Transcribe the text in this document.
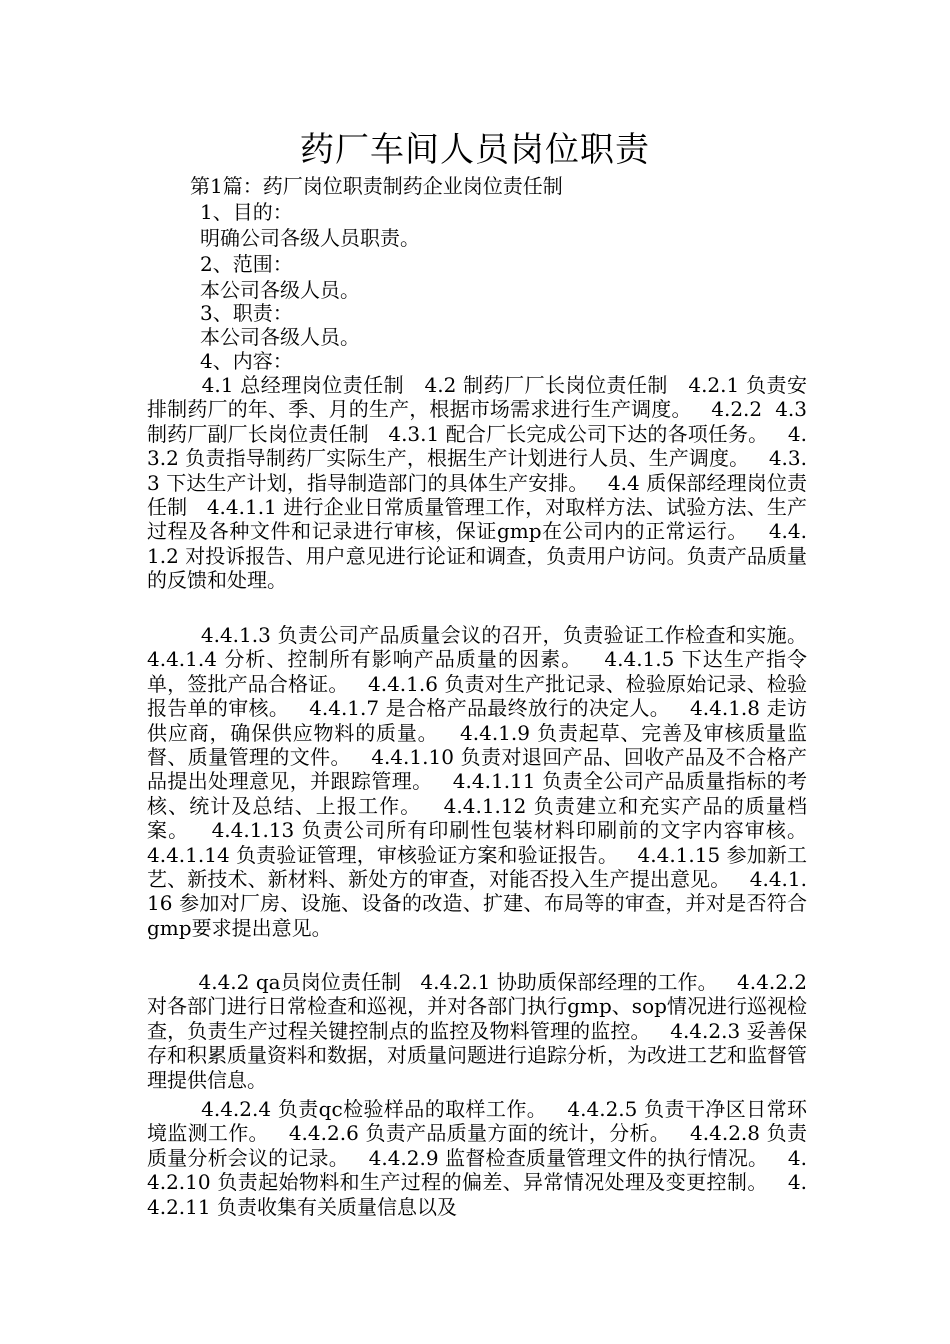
药厂车间人员岗位职责
第1篇：药厂岗位职责制药企业岗位责任制
1、目的：
明确公司各级人员职责。
2、范围：
本公司各级人员。
3、职责：
本公司各级人员。
4、内容：

4.1 总经理岗位责任制   4.2 制药厂厂长岗位责任制   4.2.1 负责安排制药厂的年、季、月的生产，根据市场需求进行生产调度。   4.2.2  4.3 制药厂副厂长岗位责任制   4.3.1 配合厂长完成公司下达的各项任务。   4.3.2 负责指导制药厂实际生产，根据生产计划进行人员、生产调度。   4.3.3 下达生产计划，指导制造部门的具体生产安排。   4.4 质保部经理岗位责任制   4.4.1.1 进行企业日常质量管理工作，对取样方法、试验方法、生产过程及各种文件和记录进行审核，保证gmp在公司内的正常运行。   4.4.1.2 对投诉报告、用户意见进行论证和调查，负责用户访问。负责产品质量的反馈和处理。

4.4.1.3 负责公司产品质量会议的召开，负责验证工作检查和实施。   4.4.1.4 分析、控制所有影响产品质量的因素。   4.4.1.5 下达生产指令单，签批产品合格证。   4.4.1.6 负责对生产批记录、检验原始记录、检验报告单的审核。   4.4.1.7 是合格产品最终放行的决定人。   4.4.1.8 走访供应商，确保供应物料的质量。   4.4.1.9 负责起草、完善及审核质量监督、质量管理的文件。   4.4.1.10 负责对退回产品、回收产品及不合格产品提出处理意见，并跟踪管理。   4.4.1.11 负责全公司产品质量指标的考核、统计及总结、上报工作。   4.4.1.12 负责建立和充实产品的质量档案。   4.4.1.13 负责公司所有印刷性包装材料印刷前的文字内容审核。   4.4.1.14 负责验证管理，审核验证方案和验证报告。   4.4.1.15 参加新工艺、新技术、新材料、新处方的审查，对能否投入生产提出意见。   4.4.1.16 参加对厂房、设施、设备的改造、扩建、布局等的审查，并对是否符合gmp要求提出意见。

4.4.2 qa员岗位责任制   4.4.2.1 协助质保部经理的工作。   4.4.2.2 对各部门进行日常检查和巡视，并对各部门执行gmp、sop情况进行巡视检查，负责生产过程关键控制点的监控及物料管理的监控。   4.4.2.3 妥善保存和积累质量资料和数据，对质量问题进行追踪分析，为改进工艺和监督管理提供信息。

4.4.2.4 负责qc检验样品的取样工作。   4.4.2.5 负责干净区日常环境监测工作。   4.4.2.6 负责产品质量方面的统计，分析。   4.4.2.8 负责质量分析会议的记录。   4.4.2.9 监督检查质量管理文件的执行情况。   4.4.2.10 负责起始物料和生产过程的偏差、异常情况处理及变更控制。   4.4.2.11 负责收集有关质量信息以及
